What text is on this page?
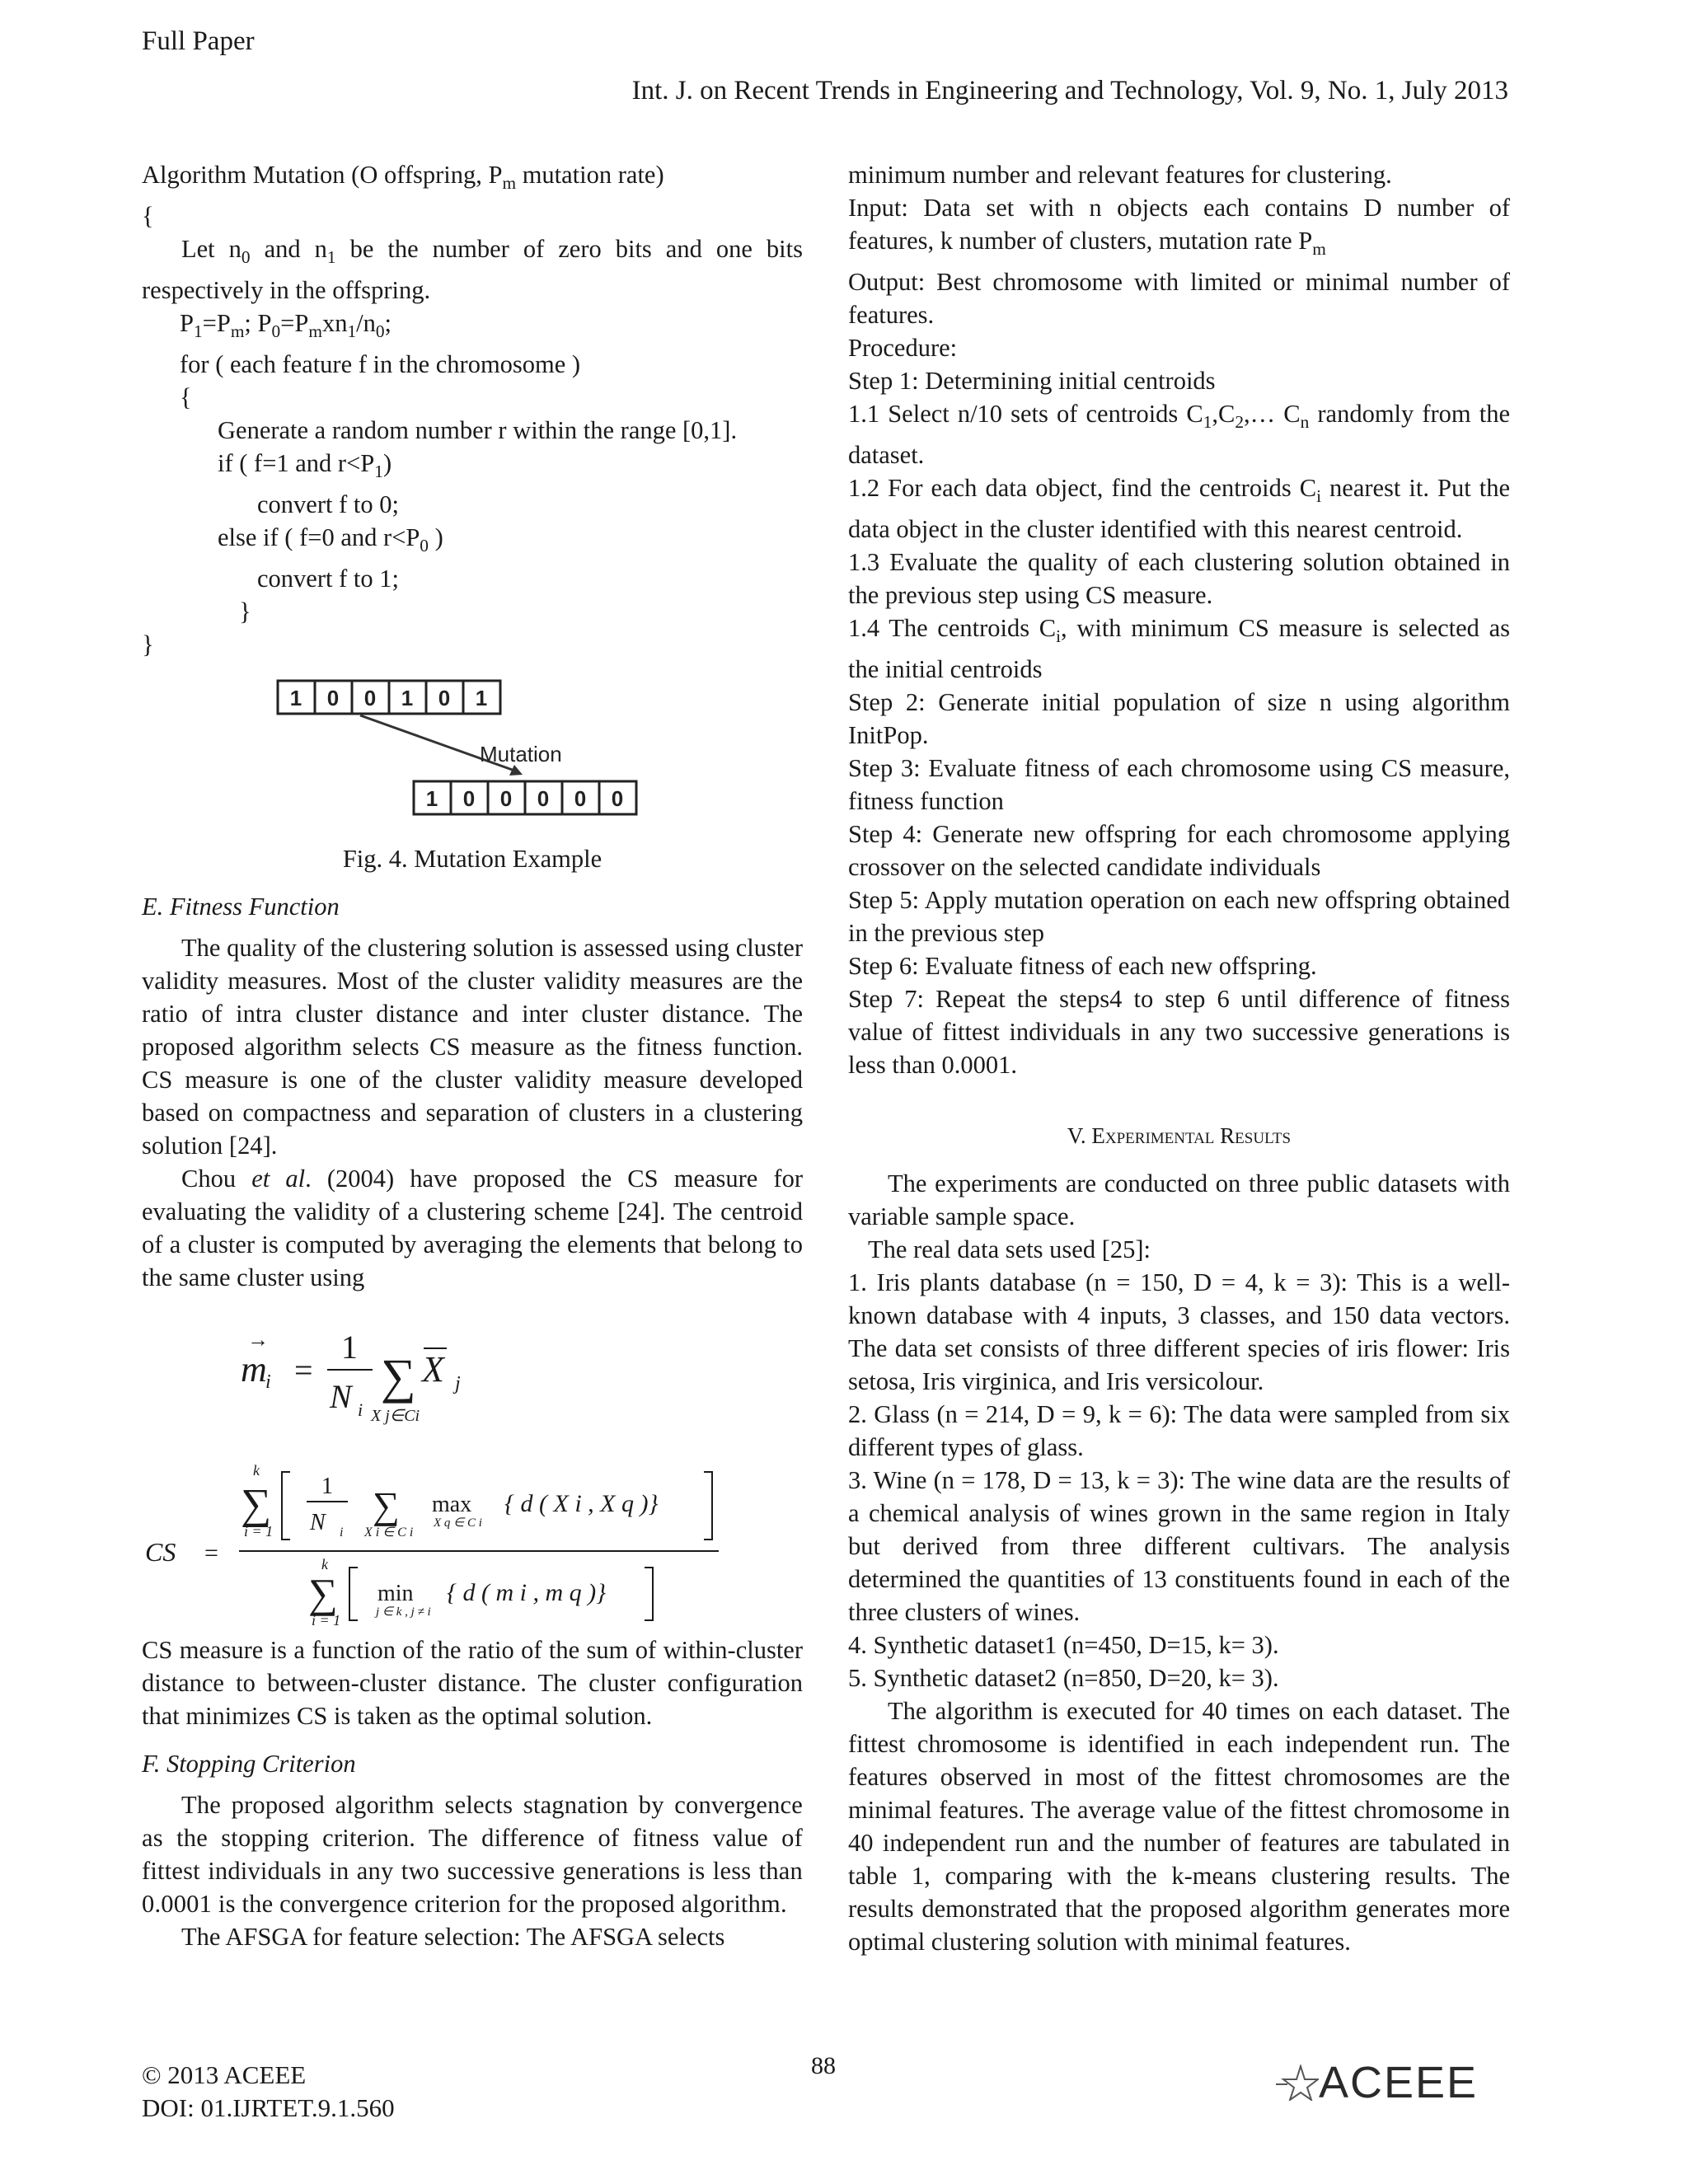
Full Paper
Int. J. on Recent Trends in Engineering and Technology, Vol. 9, No. 1, July 2013
Algorithm Mutation (O offspring, $P_m$ mutation rate)
{

Let $n_0$ and $n_1$ be the number of zero bits and one bits respectively in the offspring.

$P_1=P_m$; $P_0=P_mxn_1/n_0$;
for ( each feature f in the chromosome )
{
Generate a random number r within the range [0,1].
if ( f=1 and $r<P_1$)
convert f to 0;
else if ( f=0 and $r<P_0$ )
convert f to 1;
}
}
1 0 0 1 0 1
Mutation
1 0 0 0 0 0

Fig. 4. Mutation Example

E. Fitness Function

The quality of the clustering solution is assessed using cluster validity measures. Most of the cluster validity measures are the ratio of intra cluster distance and inter cluster distance. The proposed algorithm selects CS measure as the fitness function. CS measure is one of the cluster validity measure developed based on compactness and separation of clusters in a clustering solution [24].

Chou et al. (2004) have proposed the CS measure for evaluating the validity of a clustering scheme [24]. The centroid of a cluster is computed by averaging the elements that belong to the same cluster using

m
→
i =
1
N i
∑
X j∈Ci
X j
CS =
k
∑
i = 1
1
N i
∑
X i ∈ C i
max
X q ∈ C i
{ d ( X i , X q )}
k
∑
i = 1
min
j ∈ k , j ≠ i
{ d ( m i , m q )}

CS measure is a function of the ratio of the sum of within-cluster distance to between-cluster distance. The cluster configuration that minimizes CS is taken as the optimal solution.

F. Stopping Criterion

The proposed algorithm selects stagnation by convergence as the stopping criterion. The difference of fitness value of fittest individuals in any two successive generations is less than 0.0001 is the convergence criterion for the proposed algorithm.

The AFSGA for feature selection: The AFSGA selects

minimum number and relevant features for clustering.

Input: Data set with n objects each contains D number of features, k number of clusters, mutation rate $P_m$

Output: Best chromosome with limited or minimal number of features.

Procedure:

Step 1: Determining initial centroids

1.1 Select n/10 sets of centroids $C_1,C_2,\dots$ $C_n$ randomly from the dataset.

1.2 For each data object, find the centroids $C_i$ nearest it. Put the data object in the cluster identified with this nearest centroid.

1.3 Evaluate the quality of each clustering solution obtained in the previous step using CS measure.

1.4 The centroids $C_i$, with minimum CS measure is selected as the initial centroids

Step 2: Generate initial population of size n using algorithm InitPop.

Step 3: Evaluate fitness of each chromosome using CS measure, fitness function

Step 4: Generate new offspring for each chromosome applying crossover on the selected candidate individuals

Step 5: Apply mutation operation on each new offspring obtained in the previous step

Step 6: Evaluate fitness of each new offspring.

Step 7: Repeat the steps4 to step 6 until difference of fitness value of fittest individuals in any two successive generations is less than 0.0001.

V. Experimental Results

The experiments are conducted on three public datasets with variable sample space.

The real data sets used [25]:

1. Iris plants database (n = 150, D = 4, k = 3): This is a well-known database with 4 inputs, 3 classes, and 150 data vectors. The data set consists of three different species of iris flower: Iris setosa, Iris virginica, and Iris versicolour.

2. Glass (n = 214, D = 9, k = 6): The data were sampled from six different types of glass.

3. Wine (n = 178, D = 13, k = 3): The wine data are the results of a chemical analysis of wines grown in the same region in Italy but derived from three different cultivars. The analysis determined the quantities of 13 constituents found in each of the three clusters of wines.

4. Synthetic dataset1 (n=450, D=15, k= 3).

5. Synthetic dataset2 (n=850, D=20, k= 3).

The algorithm is executed for 40 times on each dataset. The fittest chromosome is identified in each independent run. The features observed in most of the fittest chromosomes are the minimal features. The average value of the fittest chromosome in 40 independent run and the number of features are tabulated in table 1, comparing with the k-means clustering results. The results demonstrated that the proposed algorithm generates more optimal clustering solution with minimal features.

© 2013 ACEEE
DOI: 01.IJRTET.9.1.560
88	ACEEE
